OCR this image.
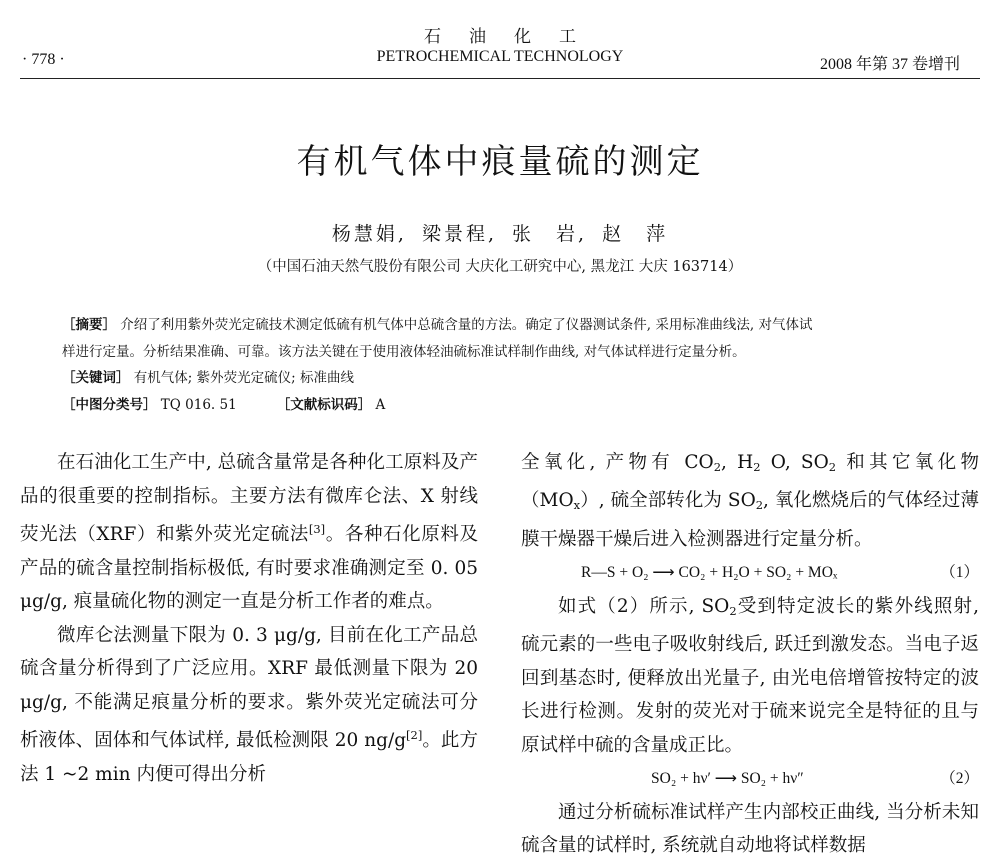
石油化工
PETROCHEMICAL TECHNOLOGY
· 778 ·	2008 年第 37 卷增刊
有机气体中痕量硫的测定
杨慧娟, 梁景程, 张　岩, 赵　萍
（中国石油天然气股份有限公司 大庆化工研究中心, 黑龙江 大庆 163714）
［摘要］ 介绍了利用紫外荧光定硫技术测定低硫有机气体中总硫含量的方法。确定了仪器测试条件, 采用标准曲线法, 对气体试
样进行定量。分析结果准确、可靠。该方法关键在于使用液体轻油硫标准试样制作曲线, 对气体试样进行定量分析。
［关键词］ 有机气体; 紫外荧光定硫仪; 标准曲线
［中图分类号］ TQ 016. 51	［文献标识码］ A

在石油化工生产中, 总硫含量常是各种化工原料及产品的很重要的控制指标。主要方法有微库仑法、X 射线荧光法（XRF）和紫外荧光定硫法[3]。各种石化原料及产品的硫含量控制指标极低, 有时要求准确测定至 0. 05 μg/g, 痕量硫化物的测定一直是分析工作者的难点。

微库仑法测量下限为 0. 3 μg/g, 目前在化工产品总硫含量分析得到了广泛应用。XRF 最低测量下限为 20 μg/g, 不能满足痕量分析的要求。紫外荧光定硫法可分析液体、固体和气体试样, 最低检测限 20 ng/g[2]。此方法 1 ~2 min 内便可得出分析

全氧化, 产物有 $CO_2$, $H_2$ O, $SO_2$ 和其它氧化物$(MO_x)$, 硫全部转化为 $SO_2$, 氧化燃烧后的气体经过薄膜干燥器干燥后进入检测器进行定量分析。

R—S + O₂ ⟶ CO₂ + H₂O + SO₂ + MOₓ	（1）

如式（2）所示, $SO_2$受到特定波长的紫外线照射, 硫元素的一些电子吸收射线后, 跃迁到激发态。当电子返回到基态时, 便释放出光量子, 由光电倍增管按特定的波长进行检测。发射的荧光对于硫来说完全是特征的且与原试样中硫的含量成正比。

SO₂ + hν′ ⟶ SO₂ + hν″	（2）

通过分析硫标准试样产生内部校正曲线, 当分析未知硫含量的试样时, 系统就自动地将试样数据
